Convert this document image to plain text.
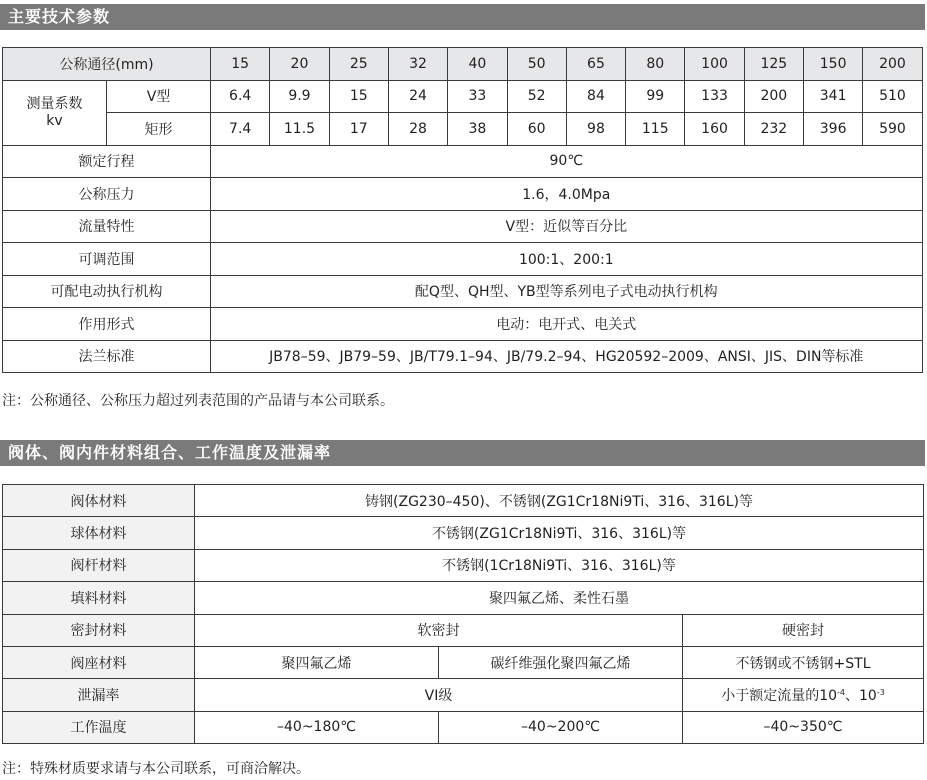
主要技术参数
公称通径(mm)		15	20	25	32	40	50	65	80	100	125	150	200

测量系数
kv	V型	6.4	9.9	15	24	33	52	84	99	133	200	341	510
	矩形	7.4	11.5	17	28	38	60	98	115	160	232	396	590
额定行程		90℃											
公称压力		1.6，4.0Mpa											
流量特性		V型：近似等百分比											
可调范围		100:1、200:1											
可配电动执行机构		配Q型、QH型、YB型等系列电子式电动执行机构											
作用形式		电动：电开式、电关式											
法兰标准		JB78–59、JB79–59、JB/T79.1–94、JB/79.2–94、HG20592–2009、ANSI、JIS、DIN等标准											
注：公称通径、公称压力超过列表范围的产品请与本公司联系。
阀体、阀内件材料组合、工作温度及泄漏率
阀体材料	铸钢(ZG230–450)、不锈钢(ZG1Cr18Ni9Ti、316、316L)等		
球体材料	不锈钢(ZG1Cr18Ni9Ti、316、316L)等		
阀杆材料	不锈钢(1Cr18Ni9Ti、316、316L)等		
填料材料	聚四氟乙烯、柔性石墨		
密封材料	软密封		硬密封
阀座材料	聚四氟乙烯	碳纤维强化聚四氟乙烯	不锈钢或不锈钢+STL
泄漏率	VI级		小于额定流量的$10^{-4}$、$10^{-3}$
工作温度	–40~180℃	–40~200℃	–40~350℃
注：特殊材质要求请与本公司联系，可商洽解决。
